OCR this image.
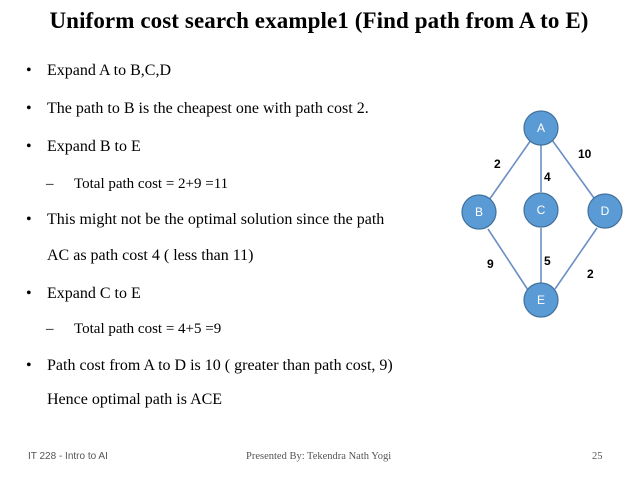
Uniform cost search example1 (Find path from A to E)
• Expand A to B,C,D
• The path to B is the cheapest one with path cost 2.
• Expand B to E
– Total path cost = 2+9 =11
• This might not be the optimal solution since the path
AC as path cost 4 ( less than 11)
• Expand C to E
– Total path cost = 4+5 =9
• Path cost from A to D is 10 ( greater than path cost, 9)
Hence optimal path is ACE
A
B	C	D
E
2
4
10
9	5
2
IT 228 - Intro to AI	Presented By: Tekendra Nath Yogi	25
